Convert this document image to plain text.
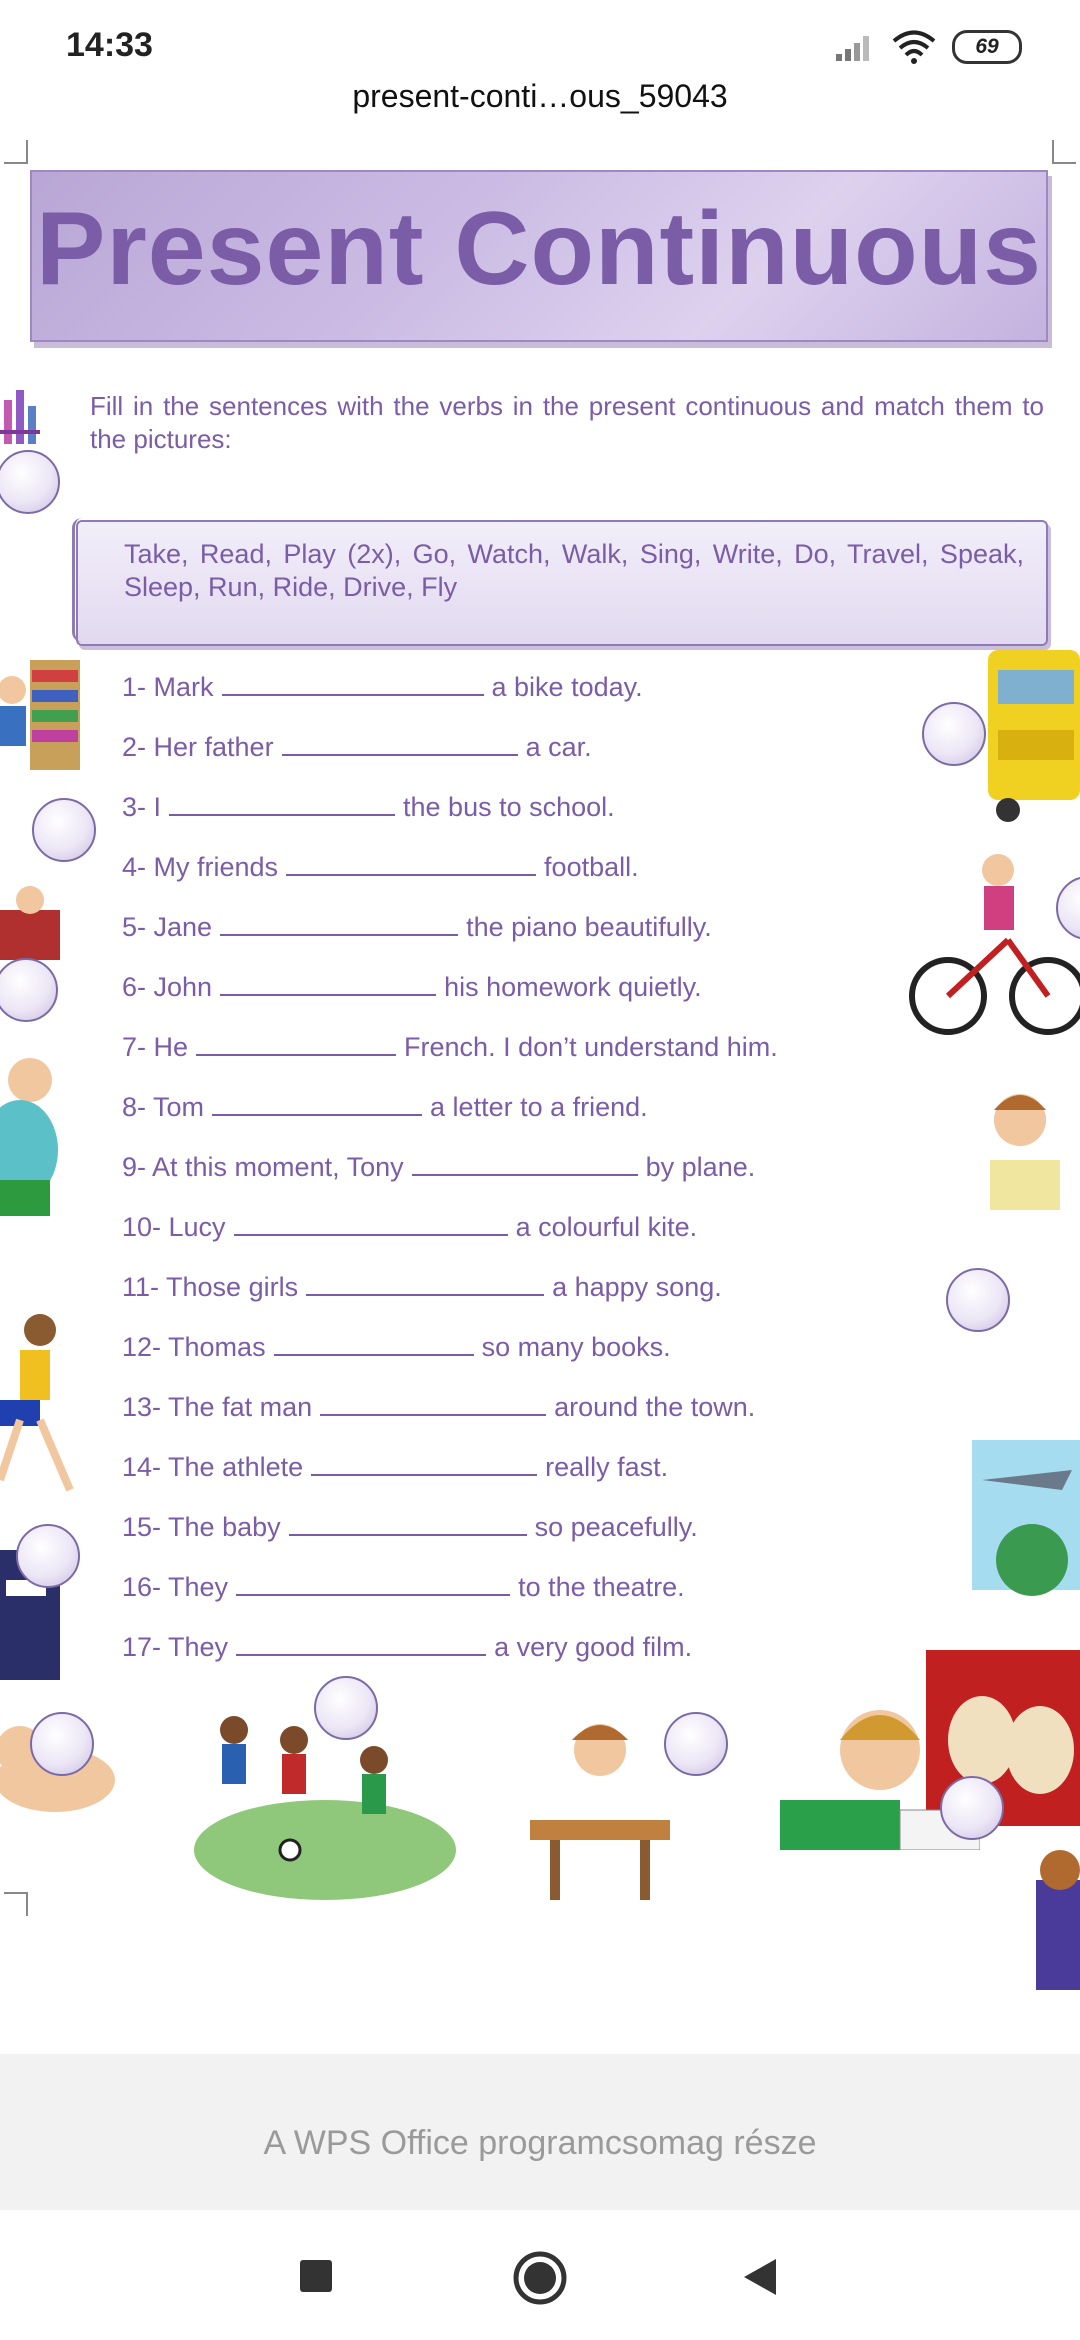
14:33	69
present-conti…ous_59043
Present Continuous
Fill in the sentences with the verbs in the present continuous and match them to the pictures:
Take, Read, Play (2x), Go, Watch, Walk, Sing, Write, Do, Travel, Speak, Sleep, Run, Ride, Drive, Fly
1- Mark	a bike today.
2- Her father	a car.
3- I	the bus to school.
4- My friends	football.
5- Jane	the piano beautifully.
6- John	his homework quietly.
7- He	French. I don’t understand him.
8- Tom	a letter to a friend.
9- At this moment, Tony	by plane.
10- Lucy	a colourful kite.
11- Those girls	a happy song.
12- Thomas	so many books.
13- The fat man	around the town.
14- The athlete	really fast.
15- The baby	so peacefully.
16- They	to the theatre.
17- They	a very good film.
A WPS Office programcsomag része
